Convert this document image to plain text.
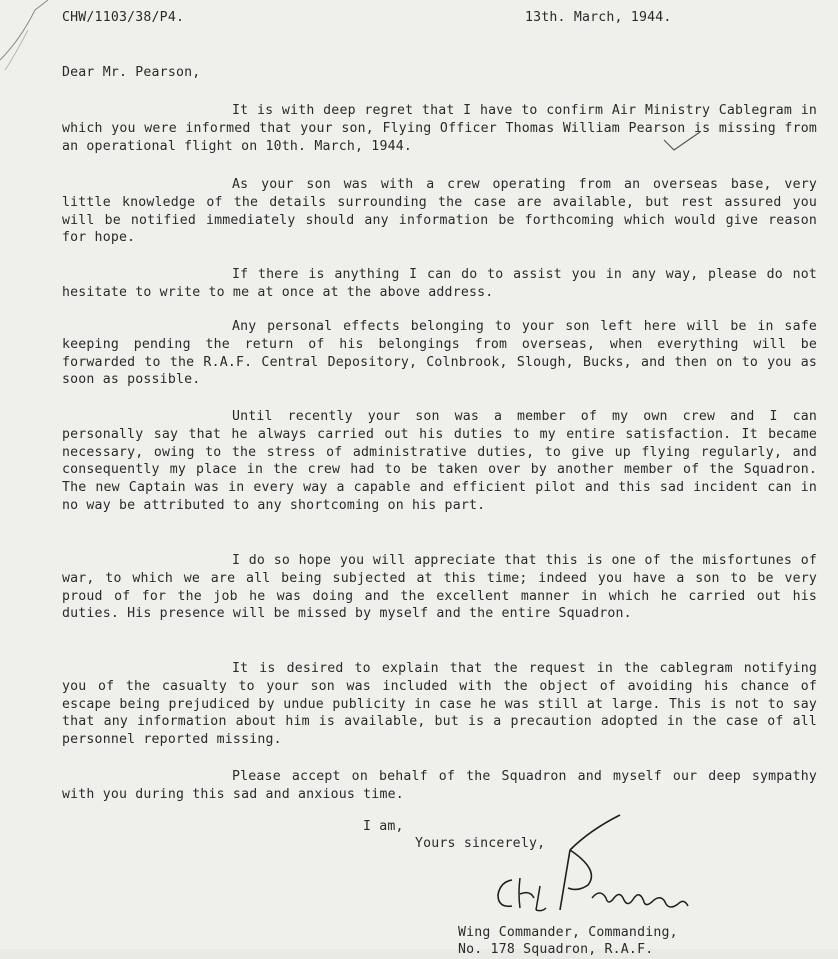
CHW/1103/38/P4.	13th. March, 1944.
Dear Mr. Pearson,
It is with deep regret that I have to confirm Air Ministry Cablegram in which you were informed that your son, Flying Officer Thomas William Pearson is missing from an operational flight on 10th. March, 1944.
As your son was with a crew operating from an overseas base, very little knowledge of the details surrounding the case are available, but rest assured you will be notified immediately should any information be forthcoming which would give reason for hope.
If there is anything I can do to assist you in any way, please do not hesitate to write to me at once at the above address.
Any personal effects belonging to your son left here will be in safe keeping pending the return of his belongings from overseas, when everything will be forwarded to the R.A.F. Central Depository, Colnbrook, Slough, Bucks, and then on to you as soon as possible.
Until recently your son was a member of my own crew and I can personally say that he always carried out his duties to my entire satisfaction. It became necessary, owing to the stress of administrative duties, to give up flying regularly, and consequently my place in the crew had to be taken over by another member of the Squadron. The new Captain was in every way a capable and efficient pilot and this sad incident can in no way be attributed to any shortcoming on his part.
I do so hope you will appreciate that this is one of the misfortunes of war, to which we are all being subjected at this time; indeed you have a son to be very proud of for the job he was doing and the excellent manner in which he carried out his duties. His presence will be missed by myself and the entire Squadron.
It is desired to explain that the request in the cablegram notifying you of the casualty to your son was included with the object of avoiding his chance of escape being prejudiced by undue publicity in case he was still at large. This is not to say that any information about him is available, but is a precaution adopted in the case of all personnel reported missing.
Please accept on behalf of the Squadron and myself our deep sympathy with you during this sad and anxious time.
I am,
Yours sincerely,
CG Palmer
Wing Commander, Commanding,
No. 178 Squadron, R.A.F.
